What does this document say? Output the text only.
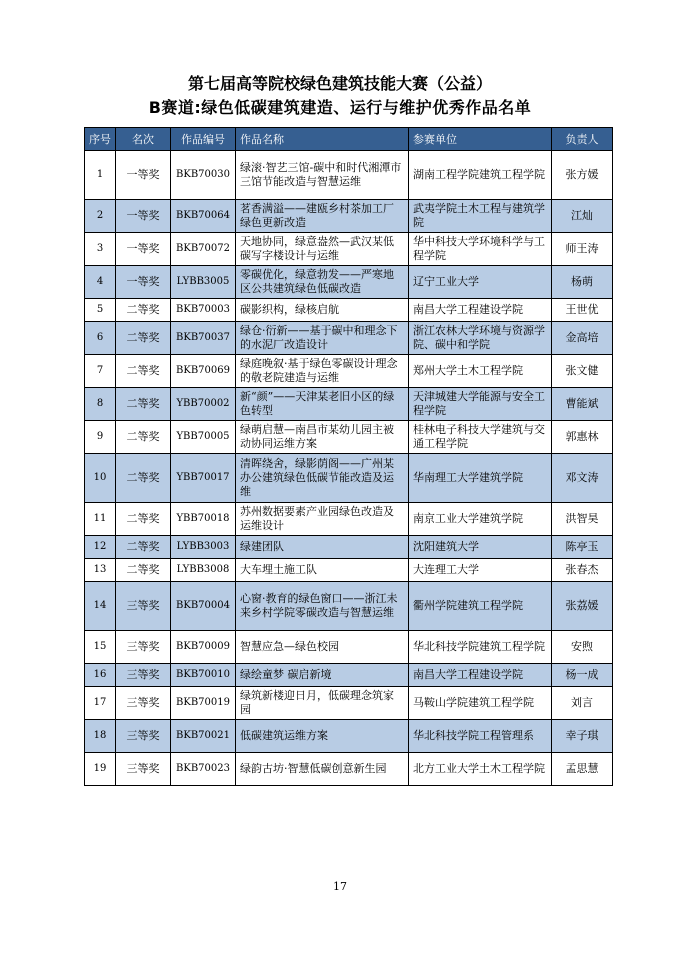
第七届高等院校绿色建筑技能大赛（公益）
B赛道:绿色低碳建筑建造、运行与维护优秀作品名单
序号	名次	作品编号	作品名称	参赛单位	负责人
1	一等奖	BKB70030	绿滚·智艺三馆-碳中和时代湘潭市三馆节能改造与智慧运维	湖南工程学院建筑工程学院	张方媛
2	一等奖	BKB70064	茗香满溢——建瓯乡村茶加工厂绿色更新改造	武夷学院土木工程与建筑学院	江灿
3	一等奖	BKB70072	天地协同，绿意盎然—武汉某低碳写字楼设计与运维	华中科技大学环境科学与工程学院	师王涛
4	一等奖	LYBB3005	零碳优化，绿意勃发——严寒地区公共建筑绿色低碳改造	辽宁工业大学	杨萌
5	二等奖	BKB70003	碳影织构，绿核启航	南昌大学工程建设学院	王世优
6	二等奖	BKB70037	绿仓·衍新——基于碳中和理念下的水泥厂改造设计	浙江农林大学环境与资源学院、碳中和学院	金高培
7	二等奖	BKB70069	绿庭晚叙·基于绿色零碳设计理念的敬老院建造与运维	郑州大学土木工程学院	张文健
8	二等奖	YBB70002	新“颜”——天津某老旧小区的绿色转型	天津城建大学能源与安全工程学院	曹能斌
9	二等奖	YBB70005	绿萌启慧—南昌市某幼儿园主被动协同运维方案	桂林电子科技大学建筑与交通工程学院	郭惠林
10	二等奖	YBB70017	清晖绕舍，绿影荫阁——广州某办公建筑绿色低碳节能改造及运维	华南理工大学建筑学院	邓文涛
11	二等奖	YBB70018	苏州数据要素产业园绿色改造及运维设计	南京工业大学建筑学院	洪智昊
12	二等奖	LYBB3003	绿建团队	沈阳建筑大学	陈亭玉
13	二等奖	LYBB3008	大车埋土施工队	大连理工大学	张春杰
14	三等奖	BKB70004	心窗·教育的绿色窗口——浙江未来乡村学院零碳改造与智慧运维	衢州学院建筑工程学院	张荔媛
15	三等奖	BKB70009	智慧应急—绿色校园	华北科技学院建筑工程学院	安煦
16	三等奖	BKB70010	绿绘童梦 碳启新境	南昌大学工程建设学院	杨一成
17	三等奖	BKB70019	绿筑新楼迎日月，低碳理念筑家园	马鞍山学院建筑工程学院	刘言
18	三等奖	BKB70021	低碳建筑运维方案	华北科技学院工程管理系	幸子琪
19	三等奖	BKB70023	绿韵古坊·智慧低碳创意新生园	北方工业大学土木工程学院	孟思慧
17
